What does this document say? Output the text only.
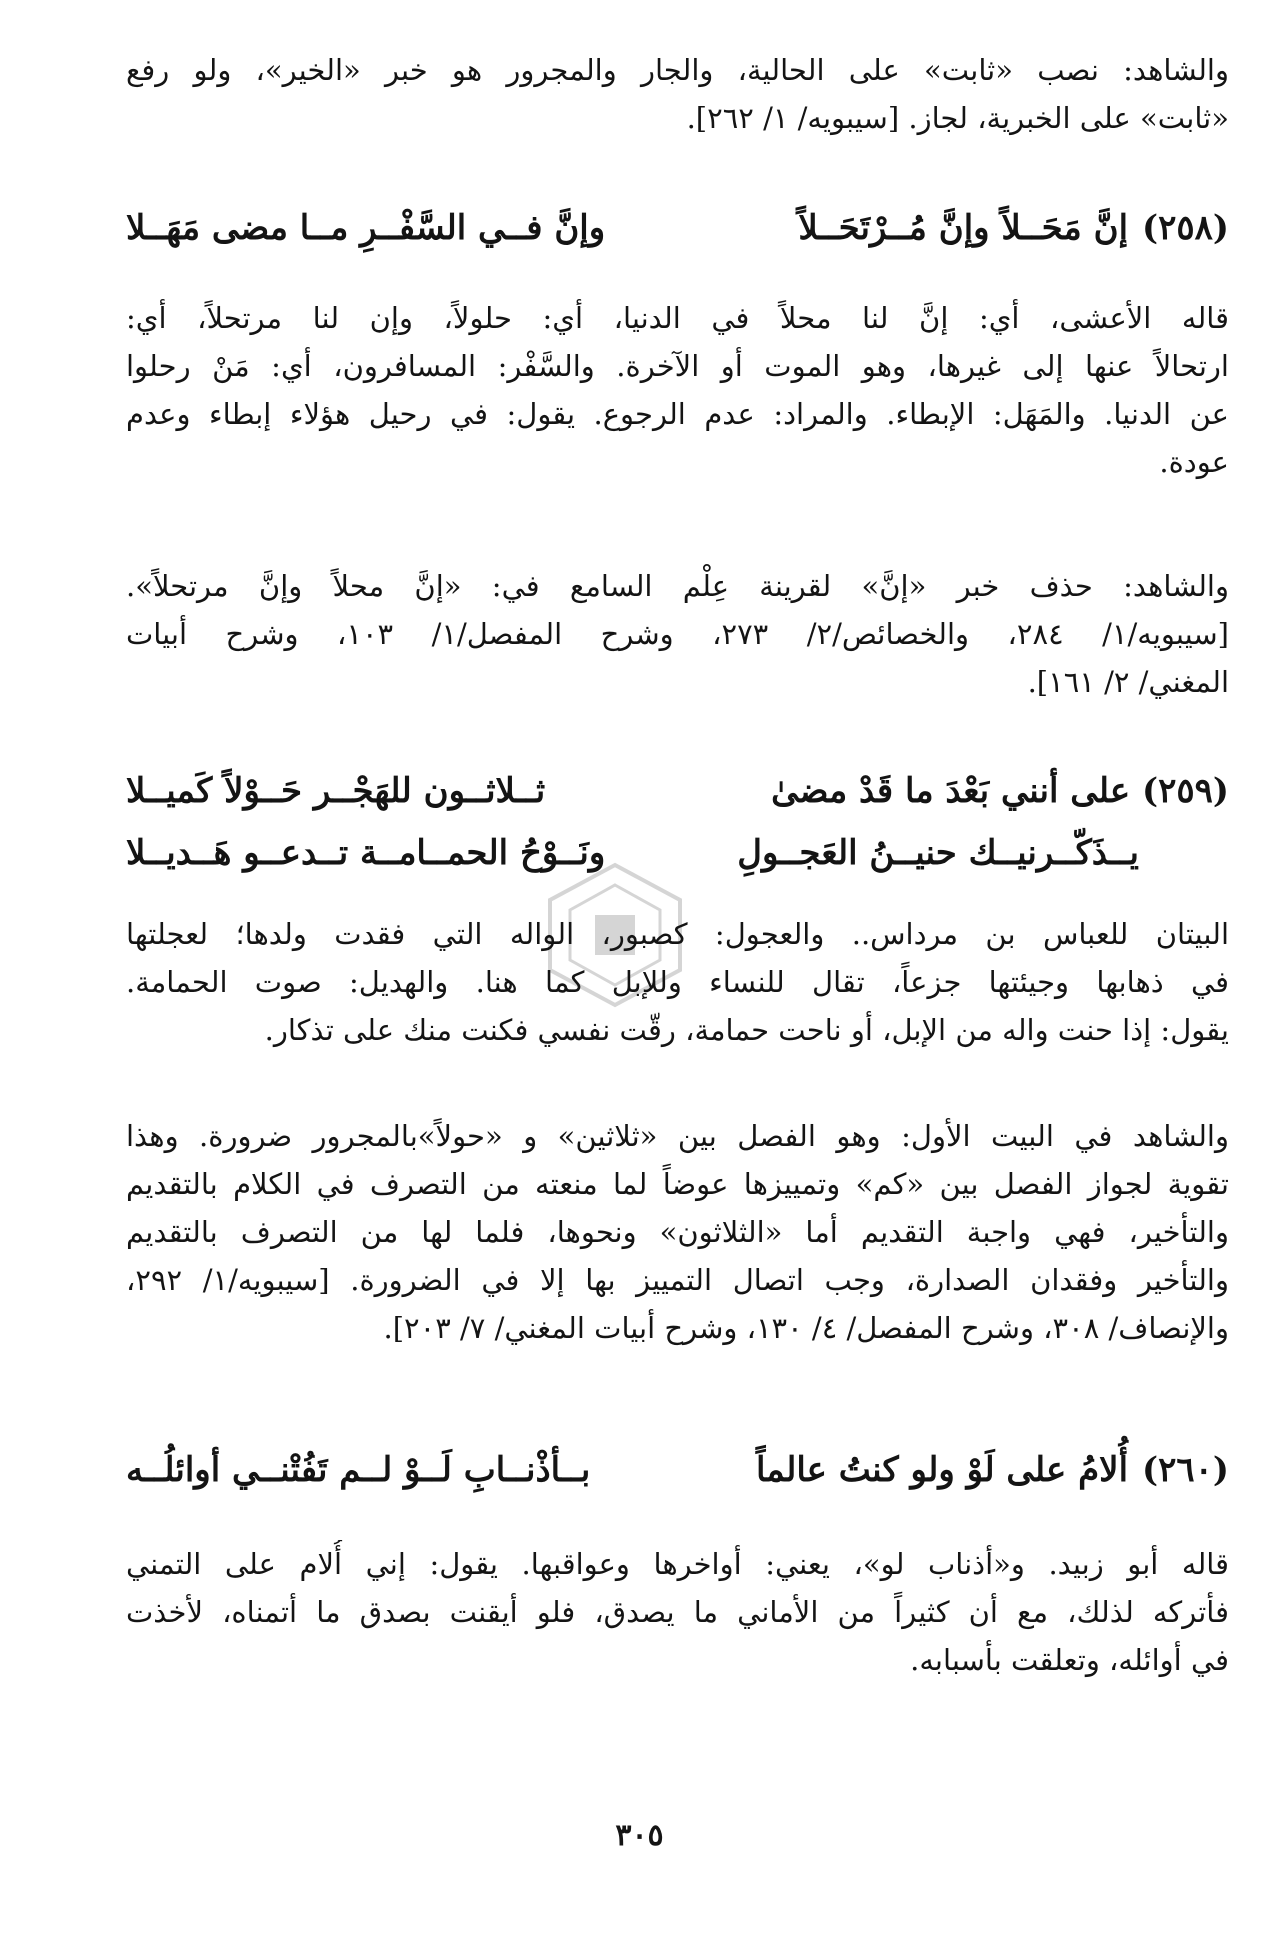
والشاهد: نصب «ثابت» على الحالية، والجار والمجرور هو خبر «الخير»، ولو رفع
«ثابت» على الخبرية، لجاز. [سيبويه/ ١/ ٢٦٢].
(٢٥٨)
إنَّ مَحَــلاً وإنَّ مُــرْتَحَــلاً
وإنَّ فــي السَّفْــرِ مــا مضى مَهَــلا
قاله الأعشى، أي: إنَّ لنا محلاً في الدنيا، أي: حلولاً، وإن لنا مرتحلاً، أي:
ارتحالاً عنها إلى غيرها، وهو الموت أو الآخرة. والسَّفْر: المسافرون، أي: مَنْ رحلوا
عن الدنيا. والمَهَل: الإبطاء. والمراد: عدم الرجوع. يقول: في رحيل هؤلاء إبطاء وعدم
عودة.
والشاهد: حذف خبر «إنَّ» لقرينة عِلْم السامع في: «إنَّ محلاً وإنَّ مرتحلاً».
[سيبويه/١/ ٢٨٤، والخصائص/٢/ ٢٧٣، وشرح المفصل/١/ ١٠٣، وشرح أبيات
المغني/ ٢/ ١٦١].
(٢٥٩) على أنني بَعْدَ ما قَدْ مضىٰ
ثــلاثــون للهَجْــر حَــوْلاً كَميــلا
يــذَكّــرنيــك حنيــنُ العَجــولِ
ونَــوْحُ الحمــامــة تــدعــو هَــديــلا
البيتان للعباس بن مرداس.. والعجول: كصبور، الواله التي فقدت ولدها؛ لعجلتها
في ذهابها وجيئتها جزعاً، تقال للنساء وللإبل كما هنا. والهديل: صوت الحمامة.
يقول: إذا حنت واله من الإبل، أو ناحت حمامة، رقّت نفسي فكنت منك على تذكار.
والشاهد في البيت الأول: وهو الفصل بين «ثلاثين» و «حولاً»بالمجرور ضرورة. وهذا
تقوية لجواز الفصل بين «كم» وتمييزها عوضاً لما منعته من التصرف في الكلام بالتقديم
والتأخير، فهي واجبة التقديم أما «الثلاثون» ونحوها، فلما لها من التصرف بالتقديم
والتأخير وفقدان الصدارة، وجب اتصال التمييز بها إلا في الضرورة. [سيبويه/١/ ٢٩٢،
والإنصاف/ ٣٠٨، وشرح المفصل/ ٤/ ١٣٠، وشرح أبيات المغني/ ٧/ ٢٠٣].
(٢٦٠)
أُلامُ على لَوْ ولو كنتُ عالماً
بــأذْنــابِ لَــوْ لــم تَفُتْنــي أوائلُــه
قاله أبو زبيد. و«أذناب لو»، يعني: أواخرها وعواقبها. يقول: إني أُلام على التمني
فأتركه لذلك، مع أن كثيراً من الأماني ما يصدق، فلو أيقنت بصدق ما أتمناه، لأخذت
في أوائله، وتعلقت بأسبابه.
٣٠٥
